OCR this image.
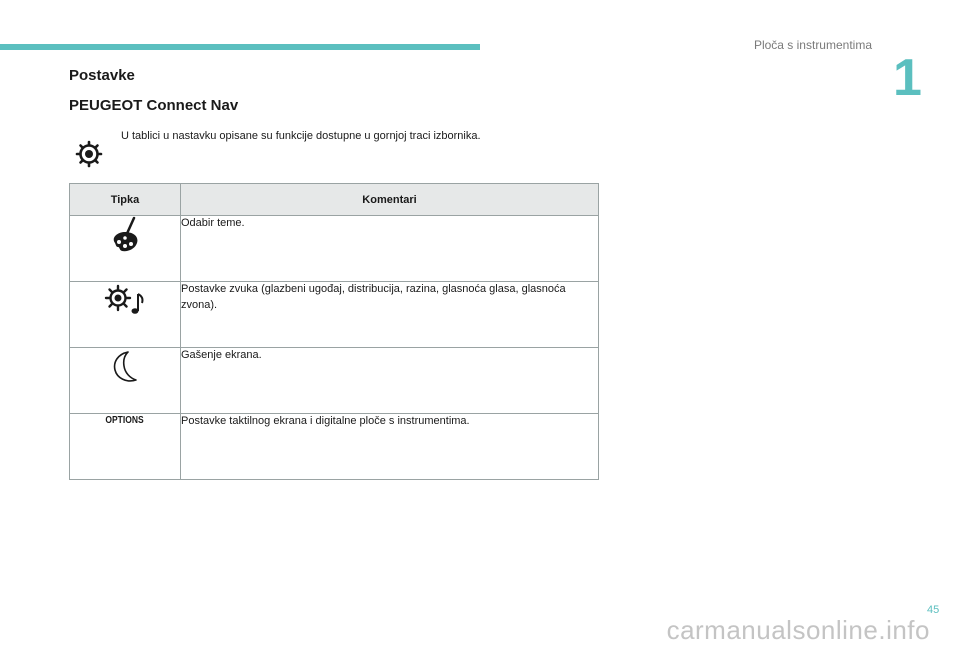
Ploča s instrumentima
1
Postavke
PEUGEOT Connect Nav
U tablici u nastavku opisane su funkcije dostupne u gornjoj traci izbornika.
Tipka	Komentari
	Odabir teme.
	Postavke zvuka (glazbeni ugođaj, distribucija, razina, glasnoća glasa, glasnoća zvona).
	Gašenje ekrana.
OPTIONS	Postavke taktilnog ekrana i digitalne ploče s instrumentima.
45
carmanualsonline.info
